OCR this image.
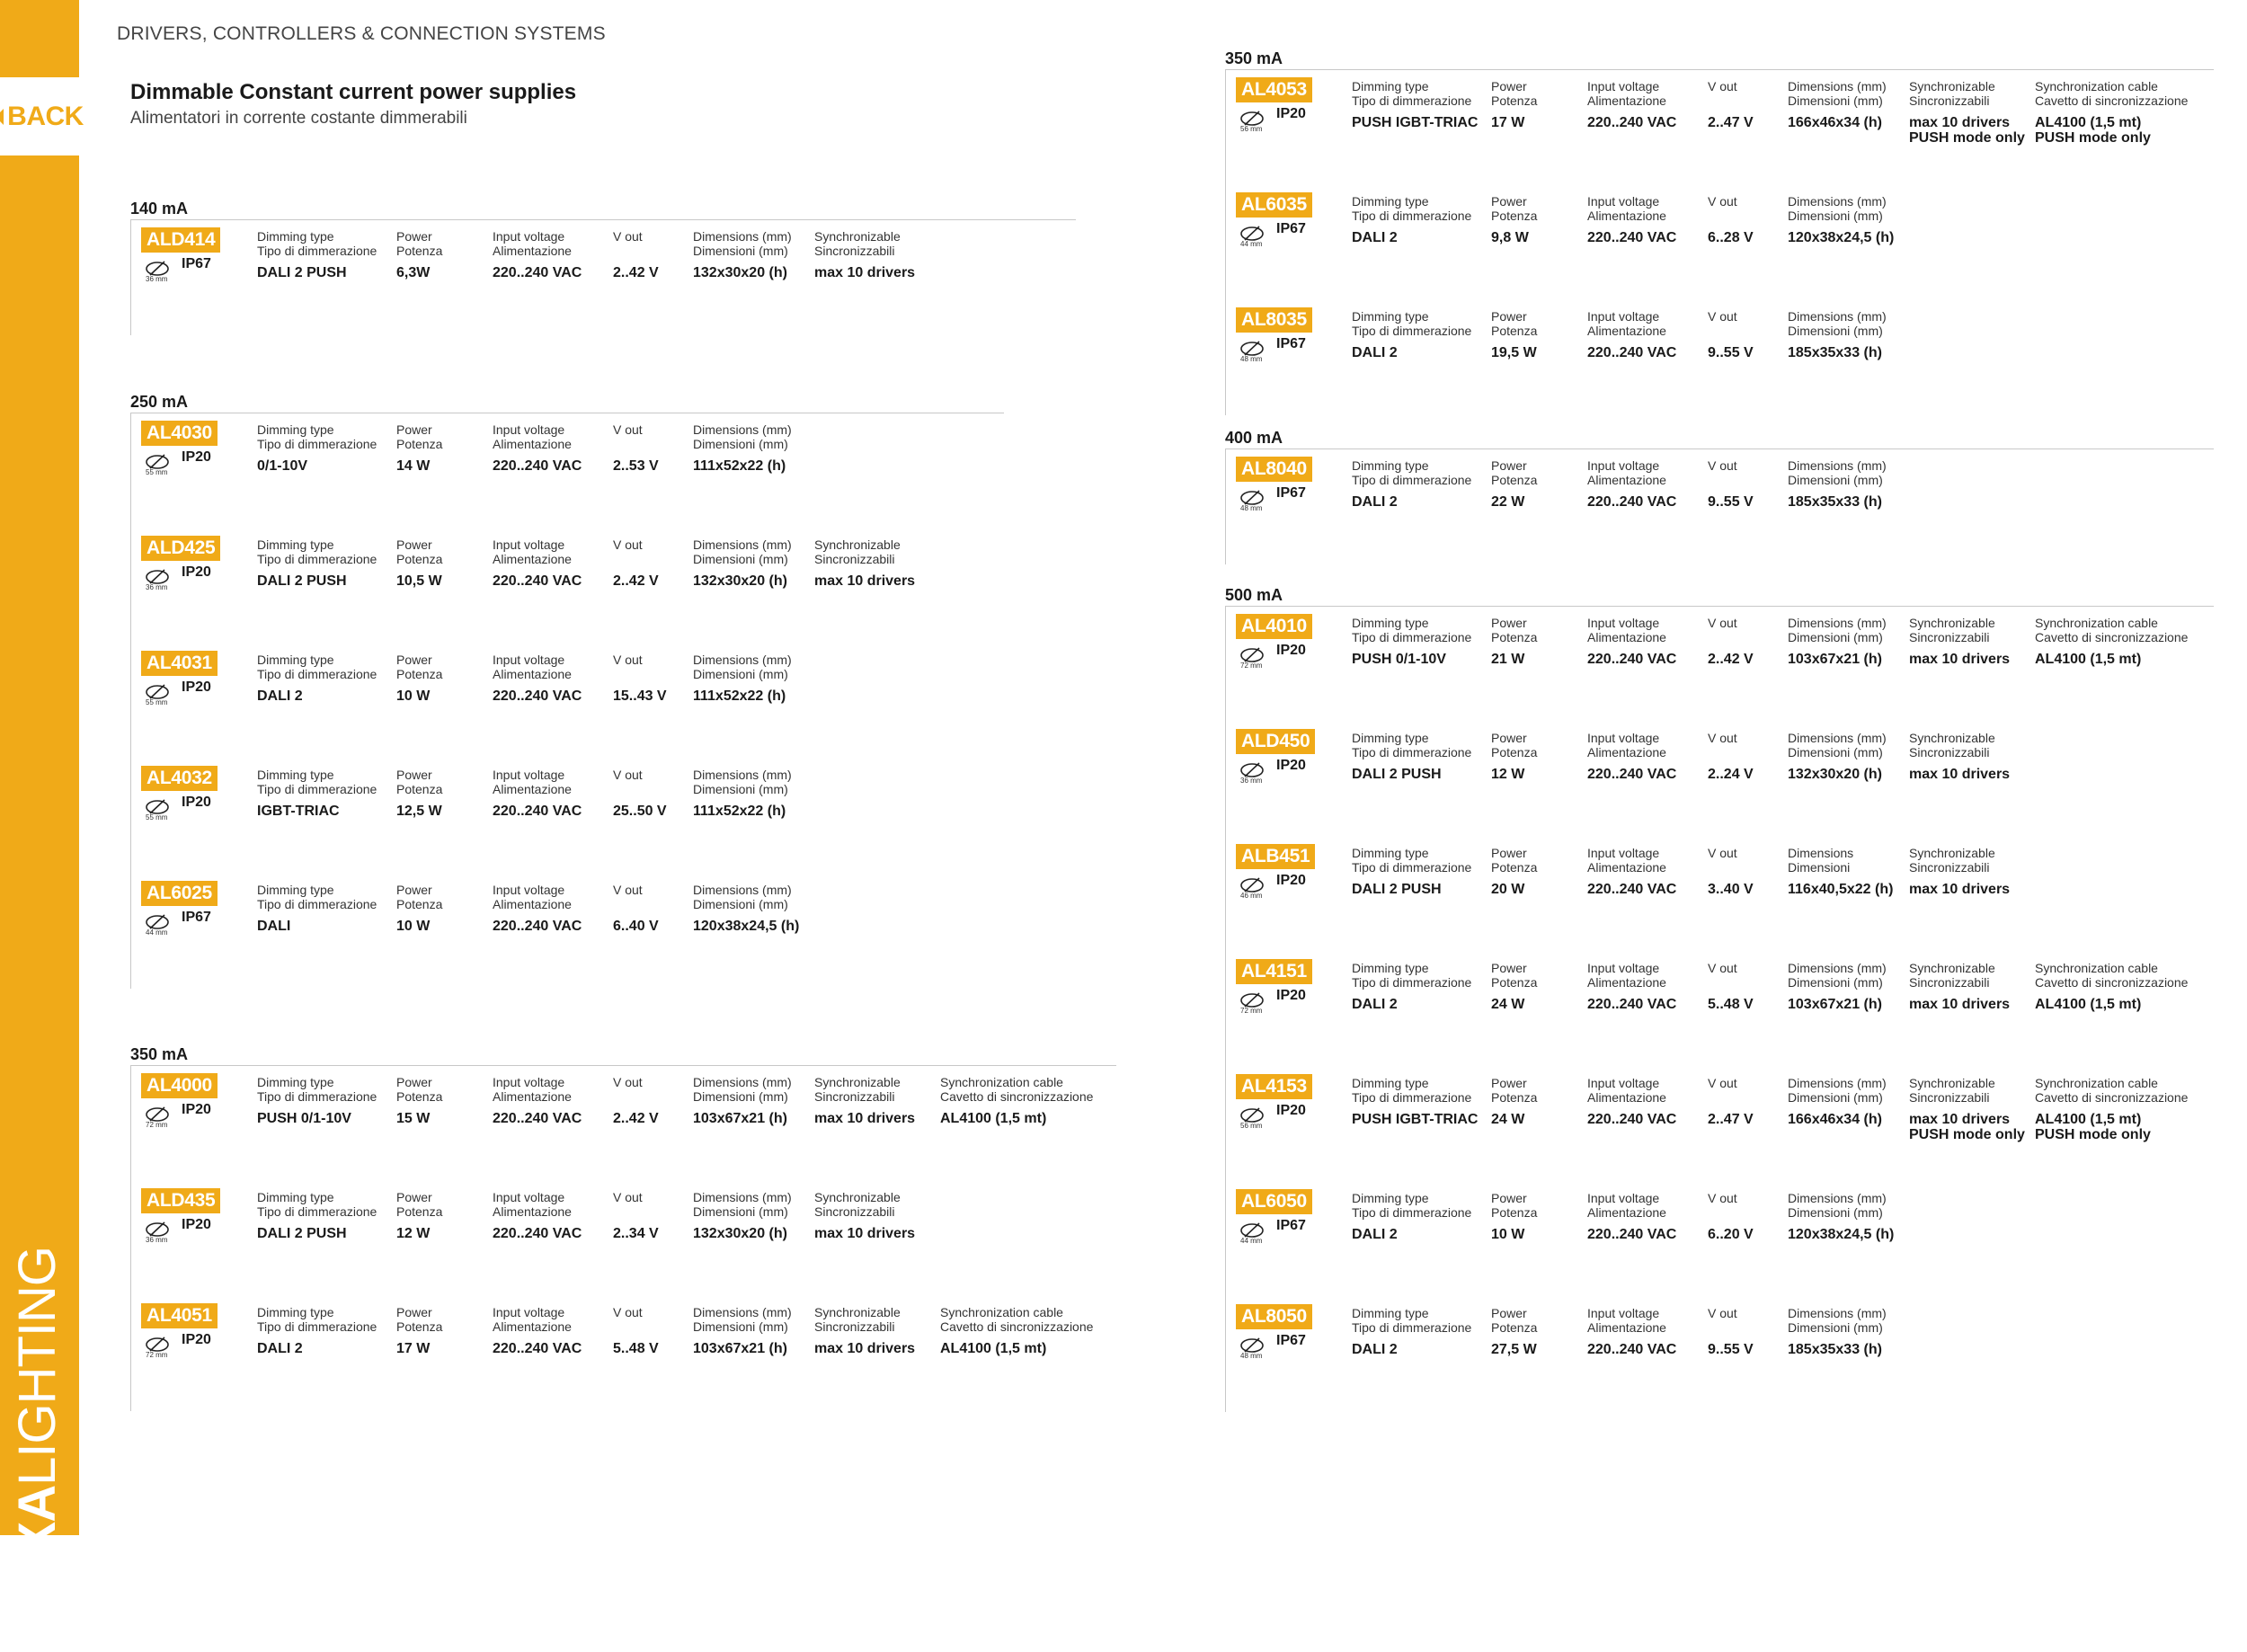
BACK
FLEXALIGHTING
DRIVERS, CONTROLLERS & CONNECTION SYSTEMS
Dimmable Constant current power supplies
Alimentatori in corrente costante dimmerabili
140 mA
ALD414
IP67
36 mm
Dimming type
Tipo di dimmerazione
DALI 2 PUSH
Power
Potenza
6,3W
Input voltage
Alimentazione
220..240 VAC
V out

2..42 V
Dimensions (mm)
Dimensioni (mm)
132x30x20 (h)
Synchronizable
Sincronizzabili
max 10 drivers
250 mA
AL4030
IP20
55 mm
Dimming type
Tipo di dimmerazione
0/1-10V
Power
Potenza
14 W
Input voltage
Alimentazione
220..240 VAC
V out

2..53 V
Dimensions (mm)
Dimensioni (mm)
111x52x22 (h)
ALD425
IP20
36 mm
Dimming type
Tipo di dimmerazione
DALI 2 PUSH
Power
Potenza
10,5 W
Input voltage
Alimentazione
220..240 VAC
V out

2..42 V
Dimensions (mm)
Dimensioni (mm)
132x30x20 (h)
Synchronizable
Sincronizzabili
max 10 drivers
AL4031
IP20
55 mm
Dimming type
Tipo di dimmerazione
DALI 2
Power
Potenza
10 W
Input voltage
Alimentazione
220..240 VAC
V out

15..43 V
Dimensions (mm)
Dimensioni (mm)
111x52x22 (h)
AL4032
IP20
55 mm
Dimming type
Tipo di dimmerazione
IGBT-TRIAC
Power
Potenza
12,5 W
Input voltage
Alimentazione
220..240 VAC
V out

25..50 V
Dimensions (mm)
Dimensioni (mm)
111x52x22 (h)
AL6025
IP67
44 mm
Dimming type
Tipo di dimmerazione
DALI
Power
Potenza
10 W
Input voltage
Alimentazione
220..240 VAC
V out

6..40 V
Dimensions (mm)
Dimensioni (mm)
120x38x24,5 (h)
350 mA
AL4000
IP20
72 mm
Dimming type
Tipo di dimmerazione
PUSH 0/1-10V
Power
Potenza
15 W
Input voltage
Alimentazione
220..240 VAC
V out

2..42 V
Dimensions (mm)
Dimensioni (mm)
103x67x21 (h)
Synchronizable
Sincronizzabili
max 10 drivers
Synchronization cable
Cavetto di sincronizzazione
AL4100 (1,5 mt)
ALD435
IP20
36 mm
Dimming type
Tipo di dimmerazione
DALI 2 PUSH
Power
Potenza
12 W
Input voltage
Alimentazione
220..240 VAC
V out

2..34 V
Dimensions (mm)
Dimensioni (mm)
132x30x20 (h)
Synchronizable
Sincronizzabili
max 10 drivers
AL4051
IP20
72 mm
Dimming type
Tipo di dimmerazione
DALI 2
Power
Potenza
17 W
Input voltage
Alimentazione
220..240 VAC
V out

5..48 V
Dimensions (mm)
Dimensioni (mm)
103x67x21 (h)
Synchronizable
Sincronizzabili
max 10 drivers
Synchronization cable
Cavetto di sincronizzazione
AL4100 (1,5 mt)
350 mA
AL4053
IP20
56 mm
Dimming type
Tipo di dimmerazione
PUSH IGBT-TRIAC
Power
Potenza
17 W
Input voltage
Alimentazione
220..240 VAC
V out

2..47 V
Dimensions (mm)
Dimensioni (mm)
166x46x34 (h)
Synchronizable
Sincronizzabili
max 10 drivers
PUSH mode only
Synchronization cable
Cavetto di sincronizzazione
AL4100 (1,5 mt)
PUSH mode only
AL6035
IP67
44 mm
Dimming type
Tipo di dimmerazione
DALI 2
Power
Potenza
9,8 W
Input voltage
Alimentazione
220..240 VAC
V out

6..28 V
Dimensions (mm)
Dimensioni (mm)
120x38x24,5 (h)
AL8035
IP67
48 mm
Dimming type
Tipo di dimmerazione
DALI 2
Power
Potenza
19,5 W
Input voltage
Alimentazione
220..240 VAC
V out

9..55 V
Dimensions (mm)
Dimensioni (mm)
185x35x33 (h)
400 mA
AL8040
IP67
48 mm
Dimming type
Tipo di dimmerazione
DALI 2
Power
Potenza
22 W
Input voltage
Alimentazione
220..240 VAC
V out

9..55 V
Dimensions (mm)
Dimensioni (mm)
185x35x33 (h)
500 mA
AL4010
IP20
72 mm
Dimming type
Tipo di dimmerazione
PUSH 0/1-10V
Power
Potenza
21 W
Input voltage
Alimentazione
220..240 VAC
V out

2..42 V
Dimensions (mm)
Dimensioni (mm)
103x67x21 (h)
Synchronizable
Sincronizzabili
max 10 drivers
Synchronization cable
Cavetto di sincronizzazione
AL4100 (1,5 mt)
ALD450
IP20
36 mm
Dimming type
Tipo di dimmerazione
DALI 2 PUSH
Power
Potenza
12 W
Input voltage
Alimentazione
220..240 VAC
V out

2..24 V
Dimensions (mm)
Dimensioni (mm)
132x30x20 (h)
Synchronizable
Sincronizzabili
max 10 drivers
ALB451
IP20
46 mm
Dimming type
Tipo di dimmerazione
DALI 2 PUSH
Power
Potenza
20 W
Input voltage
Alimentazione
220..240 VAC
V out

3..40 V
Dimensions
Dimensioni
116x40,5x22 (h)
Synchronizable
Sincronizzabili
max 10 drivers
AL4151
IP20
72 mm
Dimming type
Tipo di dimmerazione
DALI 2
Power
Potenza
24 W
Input voltage
Alimentazione
220..240 VAC
V out

5..48 V
Dimensions (mm)
Dimensioni (mm)
103x67x21 (h)
Synchronizable
Sincronizzabili
max 10 drivers
Synchronization cable
Cavetto di sincronizzazione
AL4100 (1,5 mt)
AL4153
IP20
56 mm
Dimming type
Tipo di dimmerazione
PUSH IGBT-TRIAC
Power
Potenza
24 W
Input voltage
Alimentazione
220..240 VAC
V out

2..47 V
Dimensions (mm)
Dimensioni (mm)
166x46x34 (h)
Synchronizable
Sincronizzabili
max 10 drivers
PUSH mode only
Synchronization cable
Cavetto di sincronizzazione
AL4100 (1,5 mt)
PUSH mode only
AL6050
IP67
44 mm
Dimming type
Tipo di dimmerazione
DALI 2
Power
Potenza
10 W
Input voltage
Alimentazione
220..240 VAC
V out

6..20 V
Dimensions (mm)
Dimensioni (mm)
120x38x24,5 (h)
AL8050
IP67
48 mm
Dimming type
Tipo di dimmerazione
DALI 2
Power
Potenza
27,5 W
Input voltage
Alimentazione
220..240 VAC
V out

9..55 V
Dimensions (mm)
Dimensioni (mm)
185x35x33 (h)
